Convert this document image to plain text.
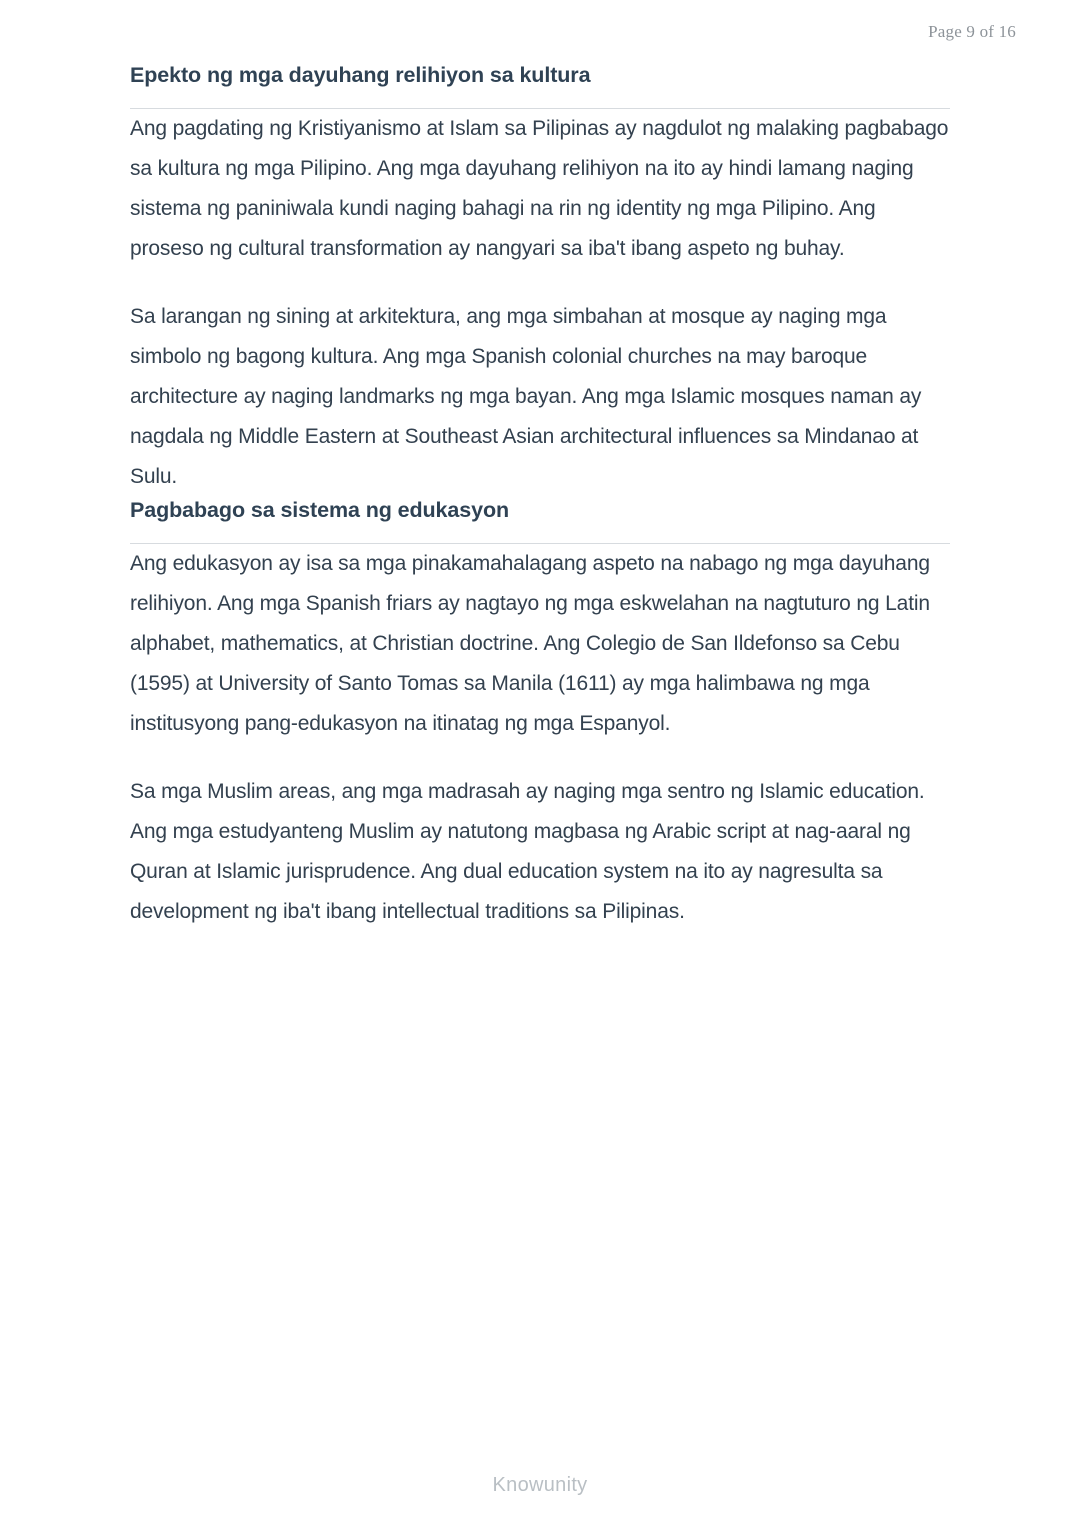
Page 9 of 16
Epekto ng mga dayuhang relihiyon sa kultura

Ang pagdating ng Kristiyanismo at Islam sa Pilipinas ay nagdulot ng malaking pagbabago sa kultura ng mga Pilipino. Ang mga dayuhang relihiyon na ito ay hindi lamang naging sistema ng paniniwala kundi naging bahagi na rin ng identity ng mga Pilipino. Ang proseso ng cultural transformation ay nangyari sa iba't ibang aspeto ng buhay.

Sa larangan ng sining at arkitektura, ang mga simbahan at mosque ay naging mga simbolo ng bagong kultura. Ang mga Spanish colonial churches na may baroque architecture ay naging landmarks ng mga bayan. Ang mga Islamic mosques naman ay nagdala ng Middle Eastern at Southeast Asian architectural influences sa Mindanao at Sulu.

Pagbabago sa sistema ng edukasyon

Ang edukasyon ay isa sa mga pinakamahalagang aspeto na nabago ng mga dayuhang relihiyon. Ang mga Spanish friars ay nagtayo ng mga eskwelahan na nagtuturo ng Latin alphabet, mathematics, at Christian doctrine. Ang Colegio de San Ildefonso sa Cebu (1595) at University of Santo Tomas sa Manila (1611) ay mga halimbawa ng mga institusyong pang-edukasyon na itinatag ng mga Espanyol.

Sa mga Muslim areas, ang mga madrasah ay naging mga sentro ng Islamic education. Ang mga estudyanteng Muslim ay natutong magbasa ng Arabic script at nag-aaral ng Quran at Islamic jurisprudence. Ang dual education system na ito ay nagresulta sa development ng iba't ibang intellectual traditions sa Pilipinas.

Knowunity
